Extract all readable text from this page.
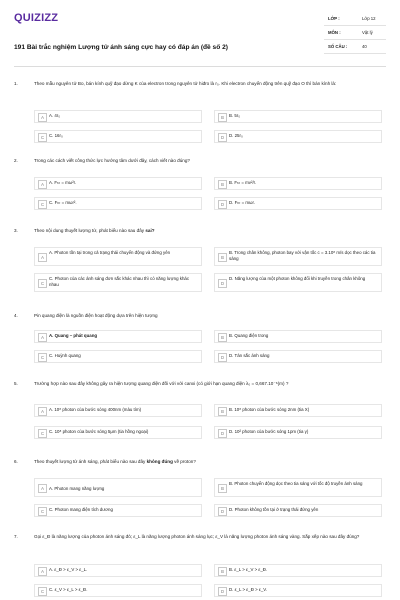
QUIZIZZ
191 Bài trắc nghiệm Lượng tử ánh sáng cực hay có đáp án (đề số 2)
LỚP :	Lớp 12
MÔN :	Vật lý
SỐ CÂU :	40
1.	Theo mẫu nguyên tử Bo, bán kính quỹ đạo dừng K của electron trong nguyên tử hiđro là r₀. Khi electron chuyển động trên quỹ đạo O thì bán kính là:
A	A. 4r₀	B	B. 5r₀
C	C. 16r₀	D	D. 25r₀
2.	Trong các cách viết công thức lực hướng tâm dưới đây, cách viết nào đúng?
A	A. Fₕₜ = mω²r.	B	B. Fₕₜ = mv²/r.
C	C. Fₕₜ = mωr².	D	D. Fₕₜ = mωr.
3.	Theo nội dung thuyết lượng tử, phát biểu nào sau đây sai?
A
A. Photon tồn tại trong cả trạng thái chuyển động và đứng yên
B
B. Trong chân không, photon bay với vận tốc c = 3.10⁸ m/s dọc theo các tia sáng
C
C. Photon của các ánh sáng đơn sắc khác nhau thì có năng lượng khác nhau	D
D. Năng lượng của một photon không đổi khi truyền trong chân không
4.	Pin quang điện là nguồn điện hoạt động dựa trên hiện tượng
A	A. Quang – phát quang	B	B. Quang điện trong
C	C. Huỳnh quang	D	D. Tán sắc ánh sáng
5.	Trường hợp nào sau đây không gây ra hiện tượng quang điện đối với với canxi (có giới hạn quang điện λ₀ = 0,667.10⁻⁶(m) ?
A	A. 10⁸ photon của bước sóng 400nm (màu tím)	B	B. 10⁸ photon của bước sóng 2nm (tia X)
C	C. 10⁸ photon của bước sóng 5μm (tia hồng ngoại)	D	D. 10² photon của bước sóng 1pm (tia γ)
6.	Theo thuyết lượng tử ánh sáng, phát biểu nào sau đây không đúng về proton?
A	A. Photon mang năng lượng	B
B. Photon chuyển động dọc theo tia sáng với tốc độ truyền ánh sáng
C	C. Photon mang điện tích dương	D	D. Photon không tồn tại ở trạng thái đứng yên
7.	Gọi ε_Đ là năng lượng của photon ánh sáng đỏ; ε_L là năng lượng photon ánh sáng lục; ε_V là năng lượng photon ánh sáng vàng. Sắp xếp nào sau đây đúng?
A	A. ε_Đ > ε_V > ε_L.	B	B. ε_L > ε_V > ε_Đ.
C	C. ε_V > ε_L > ε_Đ.	D	D. ε_L > ε_Đ > ε_V.
